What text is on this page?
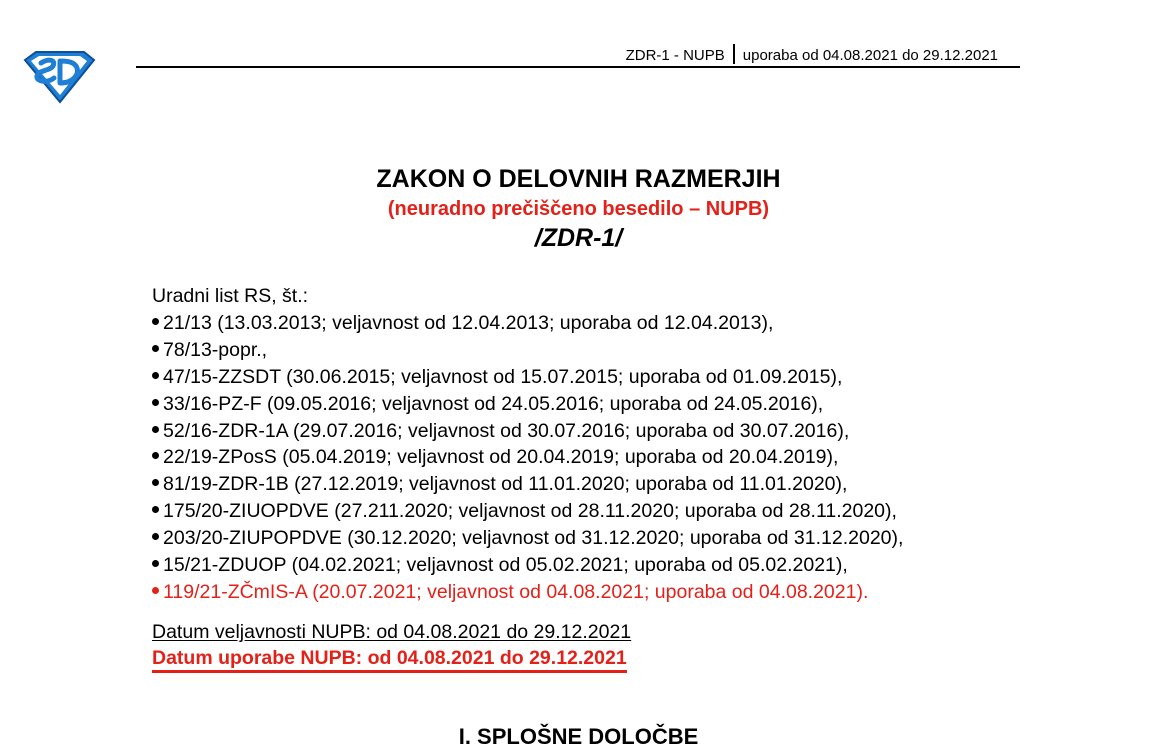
ZDR-1 - NUPB uporaba od 04.08.2021 do 29.12.2021
ZAKON O DELOVNIH RAZMERJIH
(neuradno prečiščeno besedilo – NUPB)
/ZDR-1/
Uradni list RS, št.:
21/13 (13.03.2013; veljavnost od 12.04.2013; uporaba od 12.04.2013),
78/13-popr.,
47/15-ZZSDT (30.06.2015; veljavnost od 15.07.2015; uporaba od 01.09.2015),
33/16-PZ-F (09.05.2016; veljavnost od 24.05.2016; uporaba od 24.05.2016),
52/16-ZDR-1A (29.07.2016; veljavnost od 30.07.2016; uporaba od 30.07.2016),
22/19-ZPosS (05.04.2019; veljavnost od 20.04.2019; uporaba od 20.04.2019),
81/19-ZDR-1B (27.12.2019; veljavnost od 11.01.2020; uporaba od 11.01.2020),
175/20-ZIUOPDVE (27.211.2020; veljavnost od 28.11.2020; uporaba od 28.11.2020),
203/20-ZIUPOPDVE (30.12.2020; veljavnost od 31.12.2020; uporaba od 31.12.2020),
15/21-ZDUOP (04.02.2021; veljavnost od 05.02.2021; uporaba od 05.02.2021),
119/21-ZČmIS-A (20.07.2021; veljavnost od 04.08.2021; uporaba od 04.08.2021).
Datum veljavnosti NUPB: od 04.08.2021 do 29.12.2021
Datum uporabe NUPB: od 04.08.2021 do 29.12.2021
I. SPLOŠNE DOLOČBE
